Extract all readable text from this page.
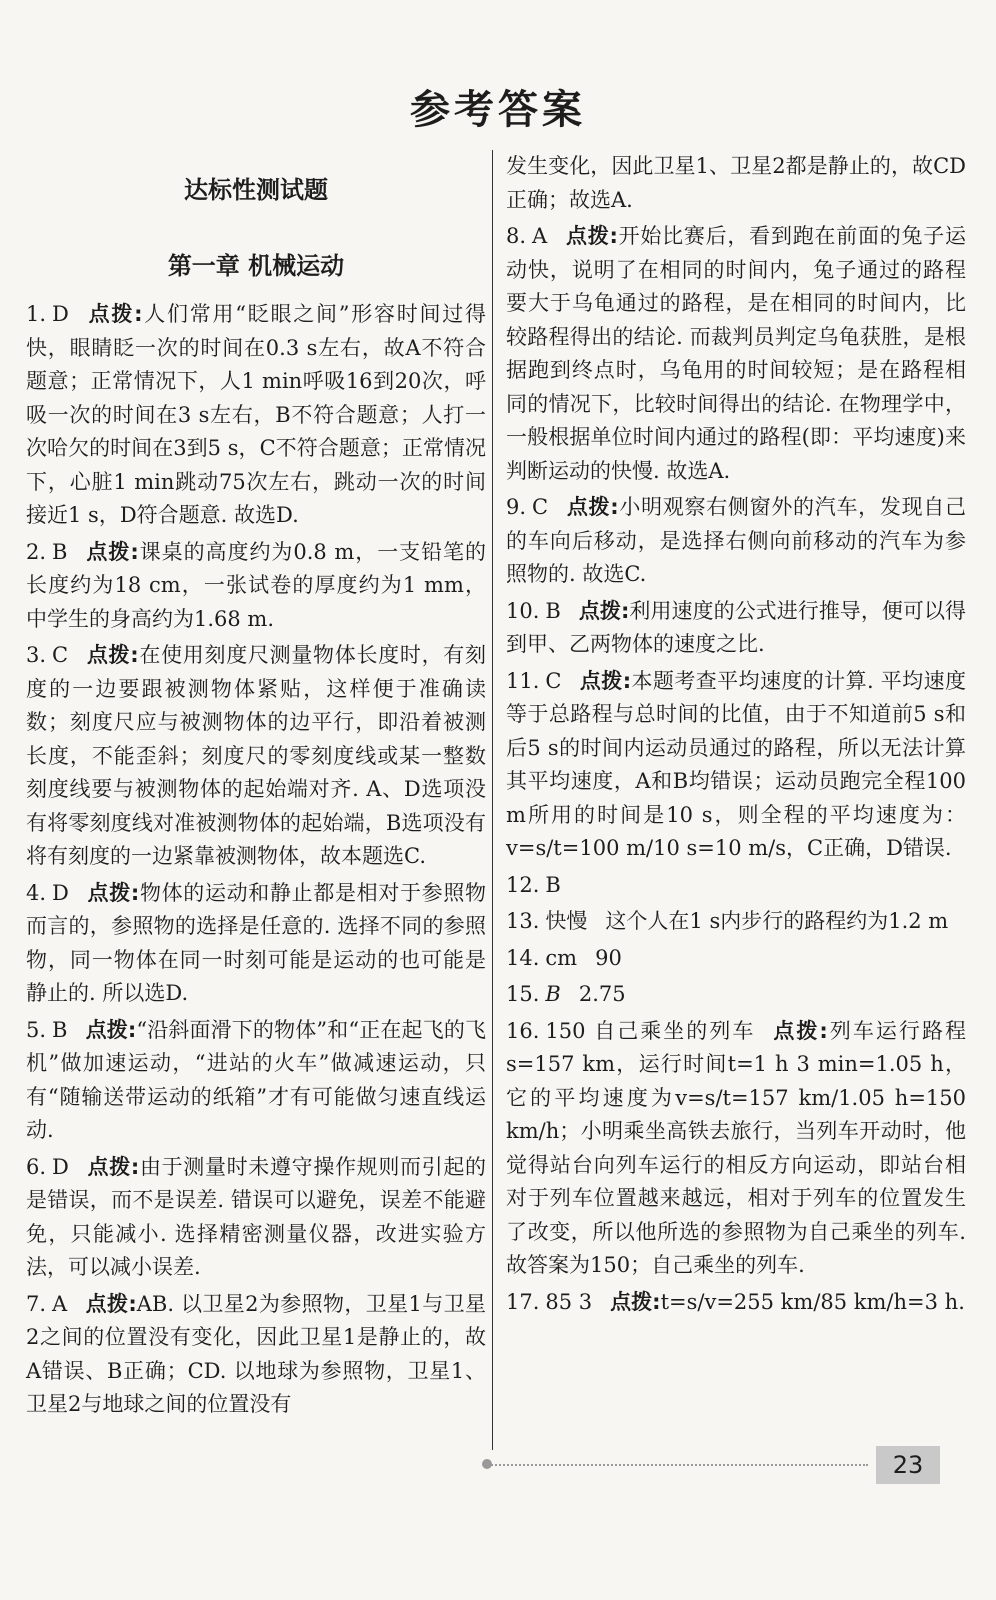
参考答案
达标性测试题
第一章 机械运动
1. D 点拨:人们常用“眨眼之间”形容时间过得快，眼睛眨一次的时间在0.3 s左右，故A不符合题意；正常情况下，人1 min呼吸16到20次，呼吸一次的时间在3 s左右，B不符合题意；人打一次哈欠的时间在3到5 s，C不符合题意；正常情况下，心脏1 min跳动75次左右，跳动一次的时间接近1 s，D符合题意. 故选D.
2. B 点拨:课桌的高度约为0.8 m，一支铅笔的长度约为18 cm，一张试卷的厚度约为1 mm，中学生的身高约为1.68 m.
3. C 点拨:在使用刻度尺测量物体长度时，有刻度的一边要跟被测物体紧贴，这样便于准确读数；刻度尺应与被测物体的边平行，即沿着被测长度，不能歪斜；刻度尺的零刻度线或某一整数刻度线要与被测物体的起始端对齐. A、D选项没有将零刻度线对准被测物体的起始端，B选项没有将有刻度的一边紧靠被测物体，故本题选C.
4. D 点拨:物体的运动和静止都是相对于参照物而言的，参照物的选择是任意的. 选择不同的参照物，同一物体在同一时刻可能是运动的也可能是静止的. 所以选D.
5. B 点拨:“沿斜面滑下的物体”和“正在起飞的飞机”做加速运动，“进站的火车”做减速运动，只有“随输送带运动的纸箱”才有可能做匀速直线运动.
6. D 点拨:由于测量时未遵守操作规则而引起的是错误，而不是误差. 错误可以避免，误差不能避免，只能减小. 选择精密测量仪器，改进实验方法，可以减小误差.
7. A 点拨:AB. 以卫星2为参照物，卫星1与卫星2之间的位置没有变化，因此卫星1是静止的，故A错误、B正确；CD. 以地球为参照物，卫星1、卫星2与地球之间的位置没有
发生变化，因此卫星1、卫星2都是静止的，故CD正确；故选A.
8. A 点拨:开始比赛后，看到跑在前面的兔子运动快，说明了在相同的时间内，兔子通过的路程要大于乌龟通过的路程，是在相同的时间内，比较路程得出的结论. 而裁判员判定乌龟获胜，是根据跑到终点时，乌龟用的时间较短；是在路程相同的情况下，比较时间得出的结论. 在物理学中，一般根据单位时间内通过的路程(即：平均速度)来判断运动的快慢. 故选A.
9. C 点拨:小明观察右侧窗外的汽车，发现自己的车向后移动，是选择右侧向前移动的汽车为参照物的. 故选C.
10. B 点拨:利用速度的公式进行推导，便可以得到甲、乙两物体的速度之比.
11. C 点拨:本题考查平均速度的计算. 平均速度等于总路程与总时间的比值，由于不知道前5 s和后5 s的时间内运动员通过的路程，所以无法计算其平均速度，A和B均错误；运动员跑完全程100 m所用的时间是10 s，则全程的平均速度为：v=s/t=100 m/10 s=10 m/s，C正确，D错误.
12. B
13. 快慢 这个人在1 s内步行的路程约为1.2 m
14. cm 90
15. B 2.75
16. 150 自己乘坐的列车 点拨:列车运行路程s=157 km，运行时间t=1 h 3 min=1.05 h，它的平均速度为v=s/t=157 km/1.05 h=150 km/h；小明乘坐高铁去旅行，当列车开动时，他觉得站台向列车运行的相反方向运动，即站台相对于列车位置越来越远，相对于列车的位置发生了改变，所以他所选的参照物为自己乘坐的列车. 故答案为150；自己乘坐的列车.
17. 85 3 点拨:t=s/v=255 km/85 km/h=3 h.
23
